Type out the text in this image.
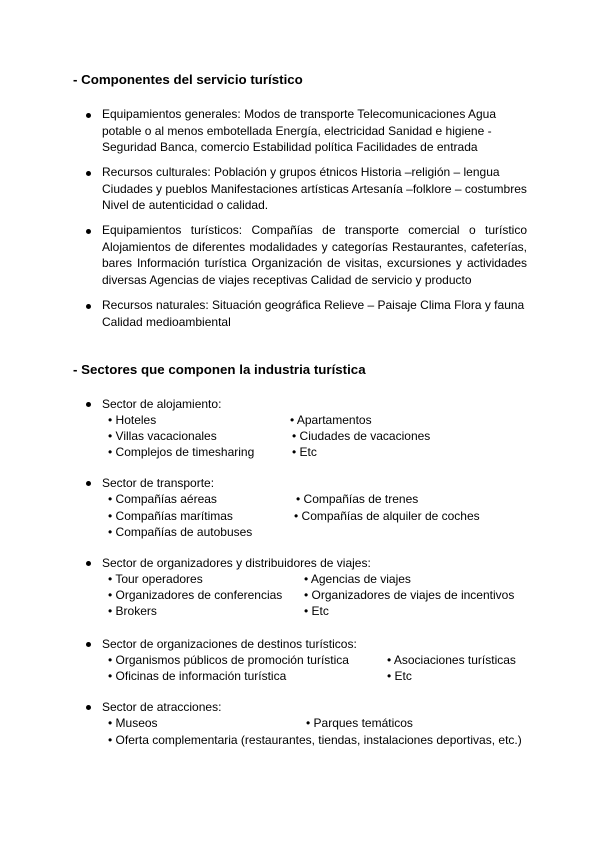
- Componentes del servicio turístico
Equipamientos generales: Modos de transporte Telecomunicaciones Agua potable o al menos embotellada Energía, electricidad Sanidad e higiene - Seguridad Banca, comercio Estabilidad política Facilidades de entrada
Recursos culturales: Población y grupos étnicos Historia –religión – lengua Ciudades y pueblos Manifestaciones artísticas Artesanía –folklore – costumbres Nivel de autenticidad o calidad.
Equipamientos turísticos: Compañías de transporte comercial o turístico Alojamientos de diferentes modalidades y categorías Restaurantes, cafeterías, bares Información turística Organización de visitas, excursiones y actividades diversas Agencias de viajes receptivas Calidad de servicio y producto
Recursos naturales: Situación geográfica Relieve – Paisaje Clima Flora y fauna Calidad medioambiental
- Sectores que componen la industria turística
Sector de alojamiento:
• Hoteles	• Apartamentos
• Villas vacacionales	• Ciudades de vacaciones
• Complejos de timesharing	• Etc
Sector de transporte:
• Compañías aéreas	• Compañías de trenes
• Compañías marítimas	• Compañías de alquiler de coches
• Compañías de autobuses
Sector de organizadores y distribuidores de viajes:
• Tour operadores	• Agencias de viajes
• Organizadores de conferencias • Organizadores de viajes de incentivos
• Brokers	• Etc
Sector de organizaciones de destinos turísticos:
• Organismos públicos de promoción turística	• Asociaciones turísticas
• Oficinas de información turística	• Etc
Sector de atracciones:
• Museos	• Parques temáticos
• Oferta complementaria (restaurantes, tiendas, instalaciones deportivas, etc.)
